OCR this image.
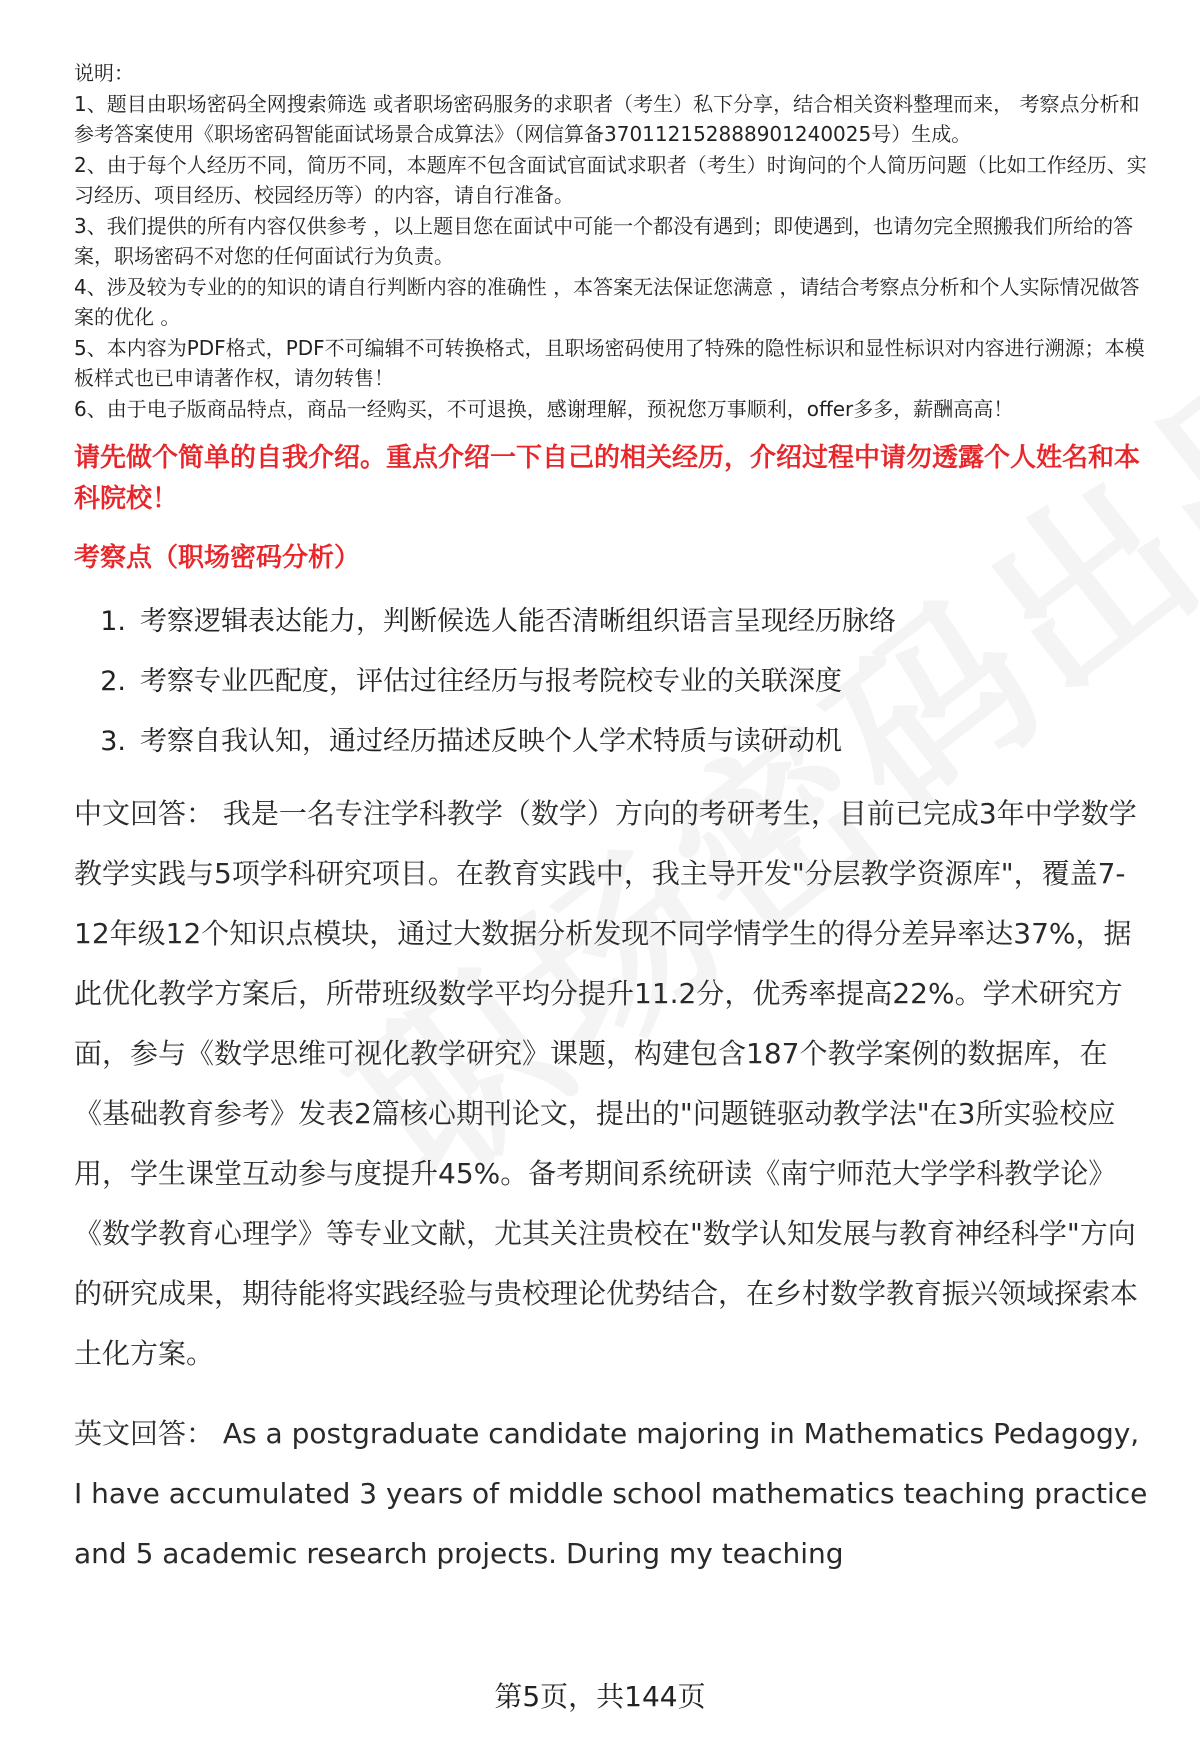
说明：

1、题目由职场密码全网搜索筛选 或者职场密码服务的求职者（考生）私下分享，结合相关资料整理而来， 考察点分析和参考答案使用《职场密码智能面试场景合成算法》（网信算备370112152888901240025号）生成。

2、由于每个人经历不同，简历不同，本题库不包含面试官面试求职者（考生）时询问的个人简历问题（比如工作经历、实习经历、项目经历、校园经历等）的内容，请自行准备。

3、我们提供的所有内容仅供参考 ，以上题目您在面试中可能一个都没有遇到；即使遇到，也请勿完全照搬我们所给的答案，职场密码不对您的任何面试行为负责。

4、涉及较为专业的的知识的请自行判断内容的准确性 ，本答案无法保证您满意 ，请结合考察点分析和个人实际情况做答案的优化 。

5、本内容为PDF格式，PDF不可编辑不可转换格式，且职场密码使用了特殊的隐性标识和显性标识对内容进行溯源；本模板样式也已申请著作权，请勿转售！

6、由于电子版商品特点，商品一经购买，不可退换，感谢理解，预祝您万事顺利，offer多多，薪酬高高！

请先做个简单的自我介绍。重点介绍一下自己的相关经历，介绍过程中请勿透露个人姓名和本科院校！
考察点（职场密码分析）
1. 考察逻辑表达能力，判断候选人能否清晰组织语言呈现经历脉络
2. 考察专业匹配度，评估过往经历与报考院校专业的关联深度
3. 考察自我认知，通过经历描述反映个人学术特质与读研动机
中文回答： 我是一名专注学科教学（数学）方向的考研考生，目前已完成3年中学数学教学实践与5项学科研究项目。在教育实践中，我主导开发"分层教学资源库"，覆盖7-12年级12个知识点模块，通过大数据分析发现不同学情学生的得分差异率达37%，据此优化教学方案后，所带班级数学平均分提升11.2分，优秀率提高22%。学术研究方面，参与《数学思维可视化教学研究》课题，构建包含187个教学案例的数据库，在《基础教育参考》发表2篇核心期刊论文，提出的"问题链驱动教学法"在3所实验校应用，学生课堂互动参与度提升45%。备考期间系统研读《南宁师范大学学科教学论》《数学教育心理学》等专业文献，尤其关注贵校在"数学认知发展与教育神经科学"方向的研究成果，期待能将实践经验与贵校理论优势结合，在乡村数学教育振兴领域探索本土化方案。
英文回答： As a postgraduate candidate majoring in Mathematics Pedagogy, I have accumulated 3 years of middle school mathematics teaching practice and 5 academic research projects. During my teaching
第5页，共144页
